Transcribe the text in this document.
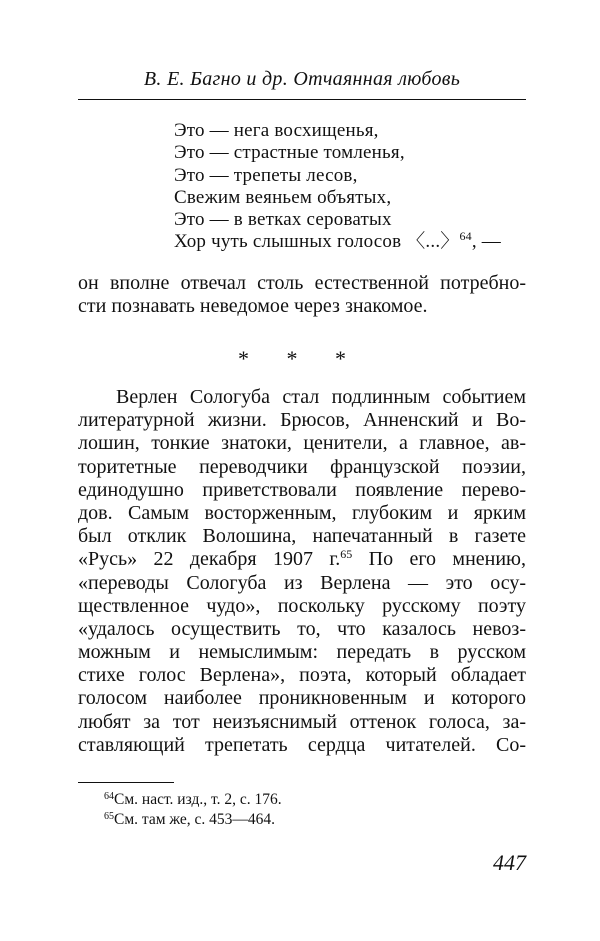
В. Е. Багно и др. Отчаянная любовь
Это — нега восхищенья,
Это — страстные томленья,
Это — трепеты лесов,
Свежим веяньем объятых,
Это — в ветках сероватых
Хор чуть слышных голосов 〈...〉$^{64}$, —
он вполне отвечал столь естественной потребно-
сти познавать неведомое через знакомое.
* * *
Верлен Сологуба стал подлинным событием
литературной жизни. Брюсов, Анненский и Во-
лошин, тонкие знатоки, ценители, а главное, ав-
торитетные переводчики французской поэзии,
единодушно приветствовали появление перево-
дов. Самым восторженным, глубоким и ярким
был отклик Волошина, напечатанный в газете
«Русь» 22 декабря 1907 г.$^{65}$ По его мнению,
«переводы Сологуба из Верлена — это осу-
ществленное чудо», поскольку русскому поэту
«удалось осуществить то, что казалось невоз-
можным и немыслимым: передать в русском
стихе голос Верлена», поэта, который обладает
голосом наиболее проникновенным и которого
любят за тот неизъяснимый оттенок голоса, за-
ставляющий трепетать сердца читателей. Со-
$^{64}$См. наст. изд., т. 2, с. 176.
$^{65}$См. там же, с. 453—464.
447
